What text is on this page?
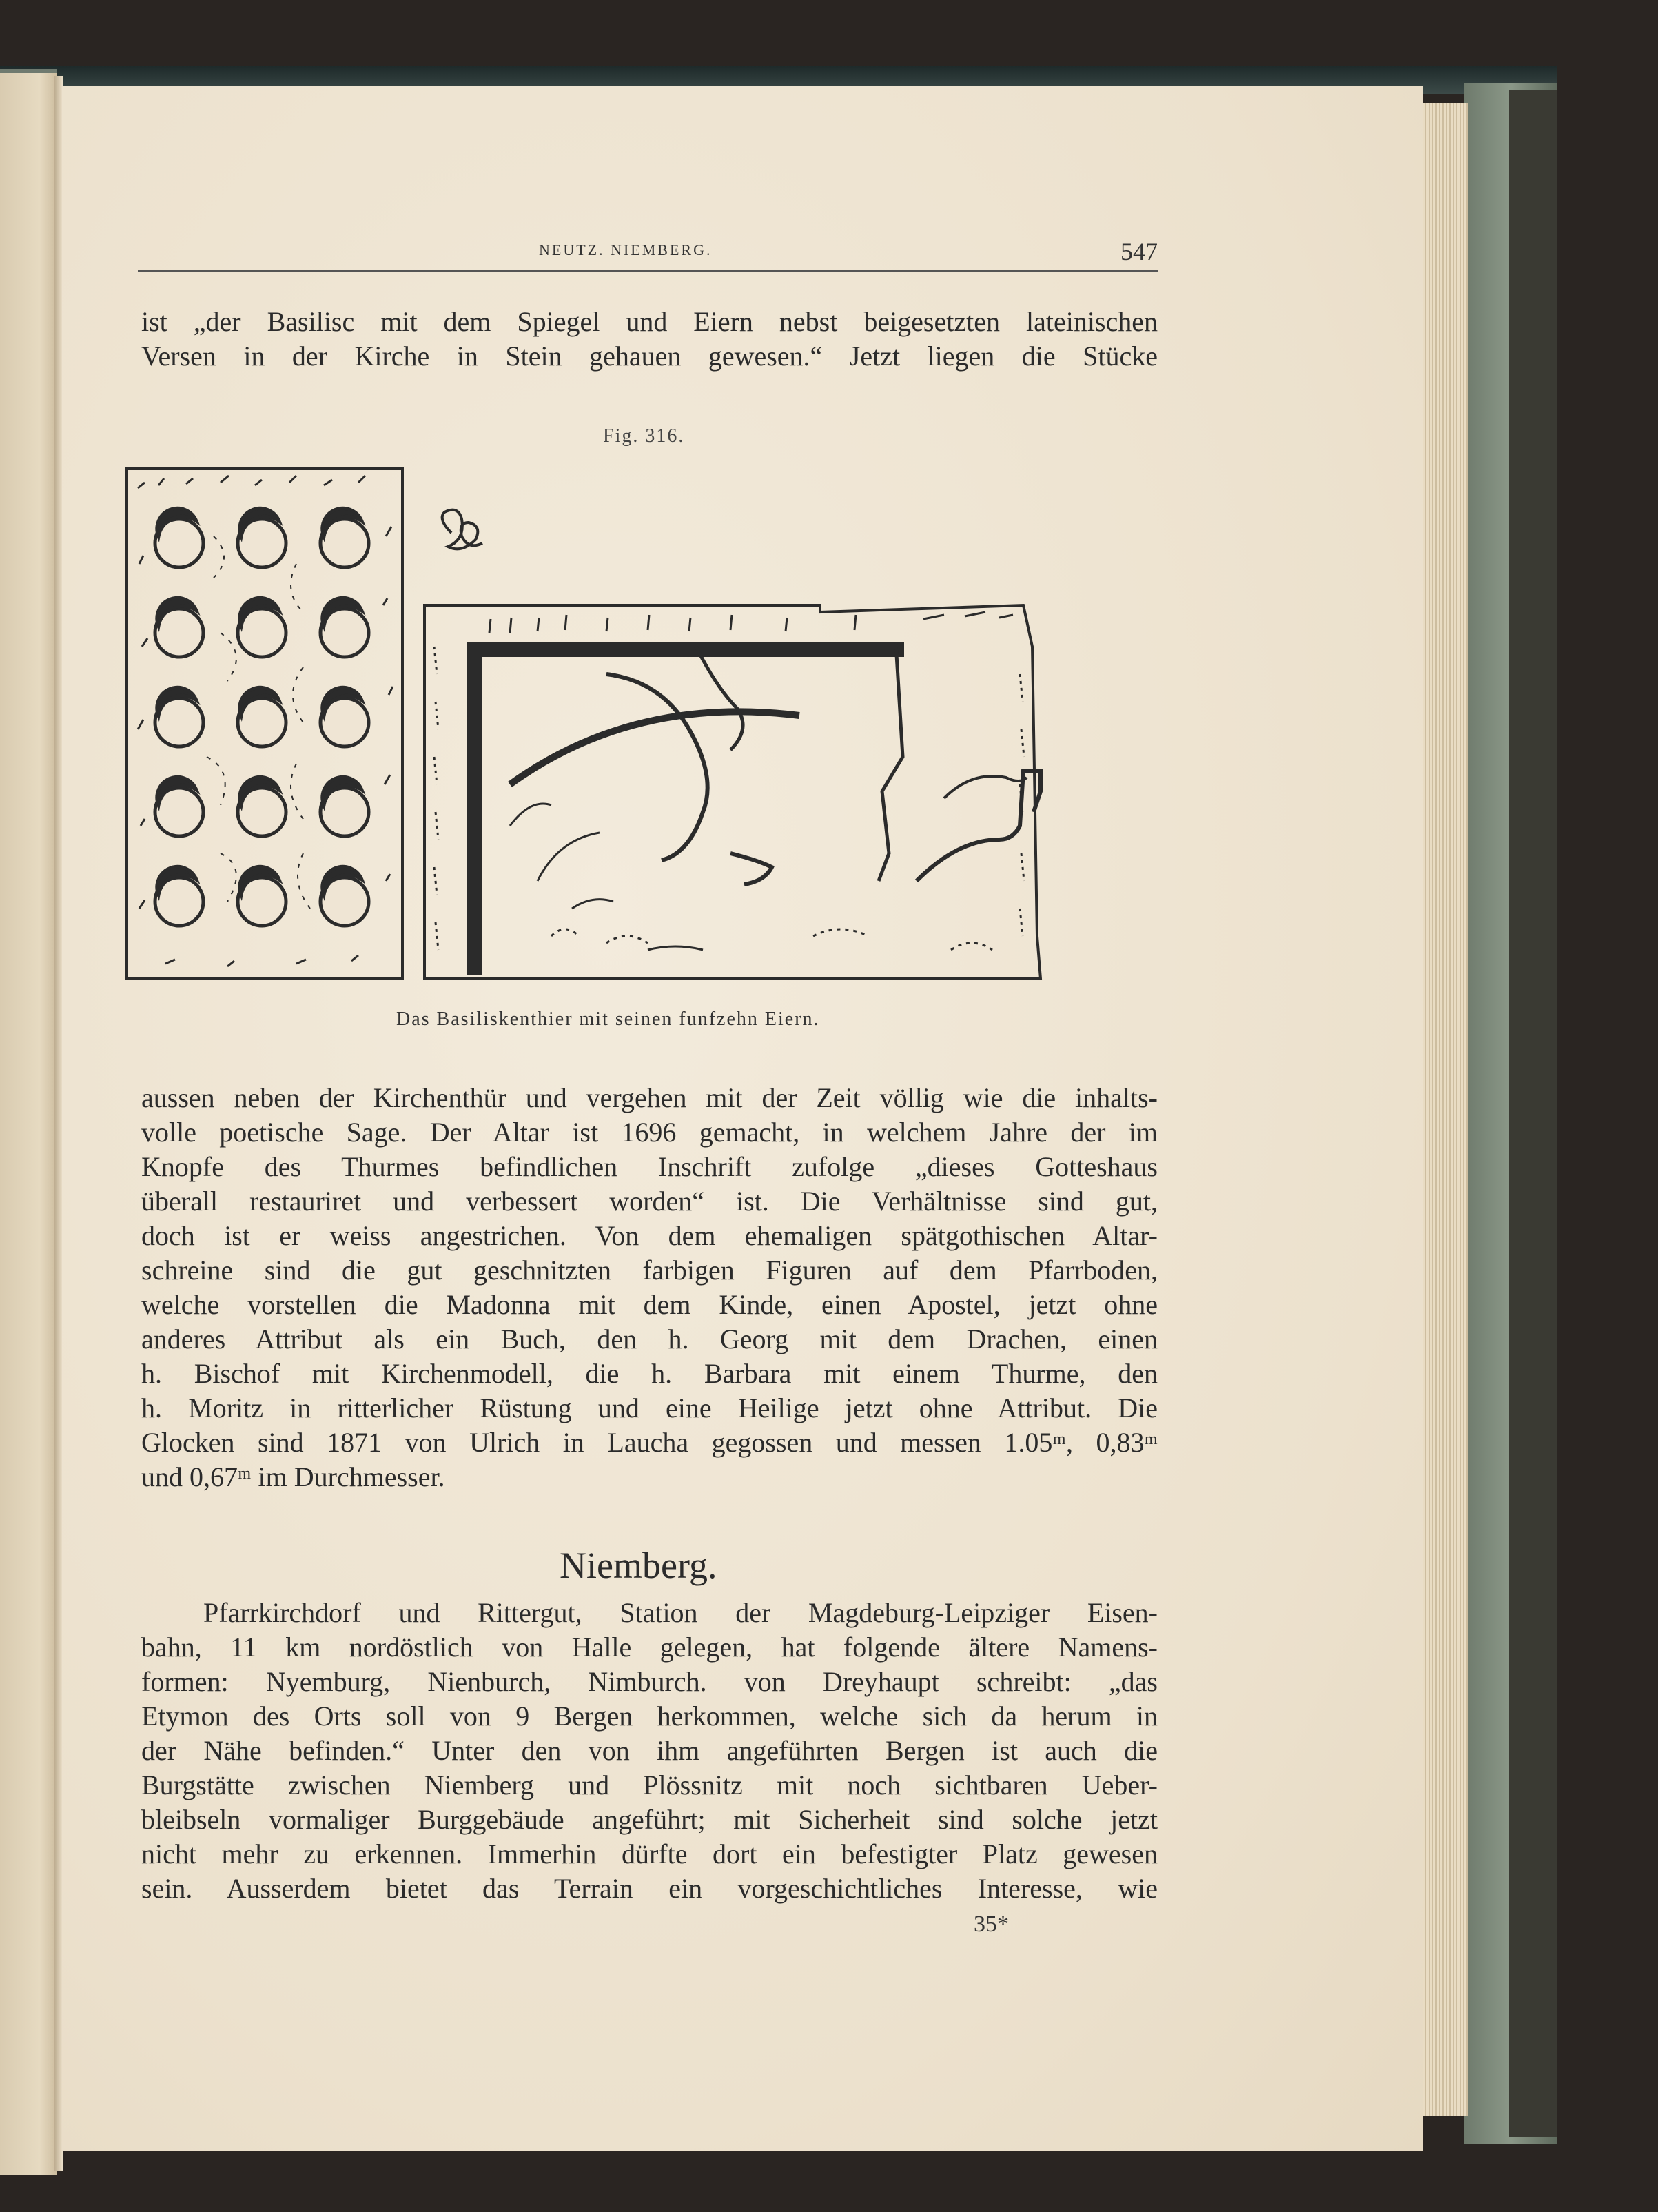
NEUTZ. NIEMBERG.	547
ist „der Basilisc mit dem Spiegel und Eiern nebst beigesetzten lateinischen
Versen in der Kirche in Stein gehauen gewesen.“ Jetzt liegen die Stücke
Fig. 316.
Das Basiliskenthier mit seinen funfzehn Eiern.
aussen neben der Kirchenthür und vergehen mit der Zeit völlig wie die inhalts-
volle poetische Sage. Der Altar ist 1696 gemacht, in welchem Jahre der im
Knopfe des Thurmes befindlichen Inschrift zufolge „dieses Gotteshaus
überall restauriret und verbessert worden“ ist. Die Verhältnisse sind gut,
doch ist er weiss angestrichen. Von dem ehemaligen spätgothischen Altar-
schreine sind die gut geschnitzten farbigen Figuren auf dem Pfarrboden,
welche vorstellen die Madonna mit dem Kinde, einen Apostel, jetzt ohne
anderes Attribut als ein Buch, den h. Georg mit dem Drachen, einen
h. Bischof mit Kirchenmodell, die h. Barbara mit einem Thurme, den
h. Moritz in ritterlicher Rüstung und eine Heilige jetzt ohne Attribut. Die
Glocken sind 1871 von Ulrich in Laucha gegossen und messen 1.05ᵐ, 0,83ᵐ
und 0,67ᵐ im Durchmesser.
Niemberg.
Pfarrkirchdorf und Rittergut, Station der Magdeburg-Leipziger Eisen-
bahn, 11 km nordöstlich von Halle gelegen, hat folgende ältere Namens-
formen: Nyemburg, Nienburch, Nimburch. von Dreyhaupt schreibt: „das
Etymon des Orts soll von 9 Bergen herkommen, welche sich da herum in
der Nähe befinden.“ Unter den von ihm angeführten Bergen ist auch die
Burgstätte zwischen Niemberg und Plössnitz mit noch sichtbaren Ueber-
bleibseln vormaliger Burggebäude angeführt; mit Sicherheit sind solche jetzt
nicht mehr zu erkennen. Immerhin dürfte dort ein befestigter Platz gewesen
sein. Ausserdem bietet das Terrain ein vorgeschichtliches Interesse, wie
35*
